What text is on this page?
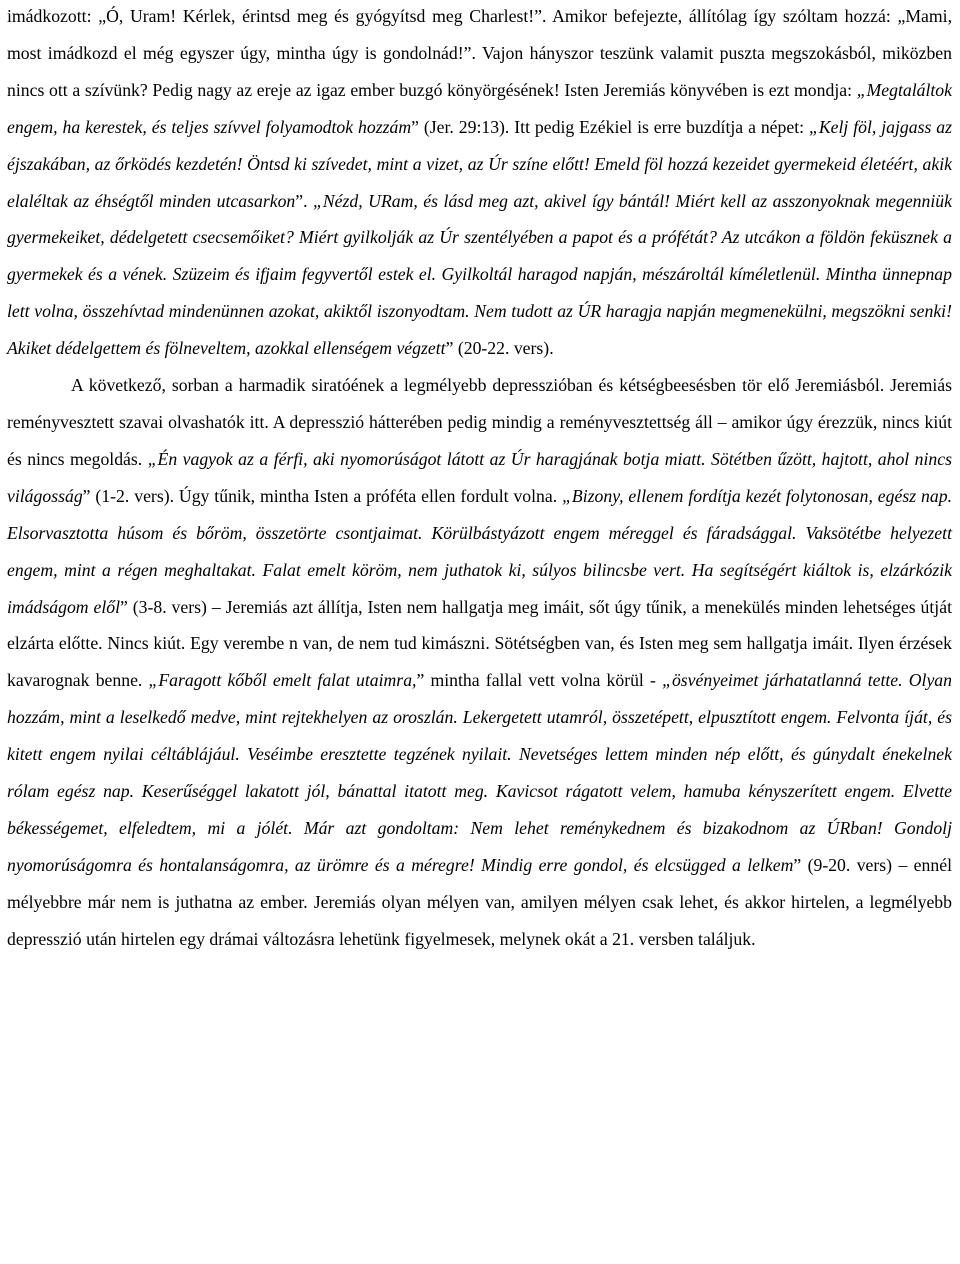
imádkozott: „Ó, Uram! Kérlek, érintsd meg és gyógyítsd meg Charlest!”. Amikor befejezte, állítólag így szóltam hozzá: „Mami, most imádkozd el még egyszer úgy, mintha úgy is gondolnád!”. Vajon hányszor teszünk valamit puszta megszokásból, miközben nincs ott a szívünk? Pedig nagy az ereje az igaz ember buzgó könyörgésének! Isten Jeremiás könyvében is ezt mondja: „Megtaláltok engem, ha kerestek, és teljes szívvel folyamodtok hozzám” (Jer. 29:13). Itt pedig Ezékiel is erre buzdítja a népet: „Kelj föl, jajgass az éjszakában, az őrködés kezdetén! Öntsd ki szívedet, mint a vizet, az Úr színe előtt! Emeld föl hozzá kezeidet gyermekeid életéért, akik elaléltak az éhségtől minden utcasarkon”. „Nézd, URam, és lásd meg azt, akivel így bántál! Miért kell az asszonyoknak megenniük gyermekeiket, dédelgetett csecsemőiket? Miért gyilkolják az Úr szentélyében a papot és a prófétát? Az utcákon a földön feküsznek a gyermekek és a vének. Szüzeim és ifjaim fegyvertől estek el. Gyilkoltál haragod napján, mészároltál kíméletlenül. Mintha ünnepnap lett volna, összehívtad mindenünnen azokat, akiktől iszonyodtam. Nem tudott az ÚR haragja napján megmenekülni, megszökni senki! Akiket dédelgettem és fölneveltem, azokkal ellenségem végzett” (20-22. vers).

A következő, sorban a harmadik siratóének a legmélyebb depresszióban és kétségbeesésben tör elő Jeremiásból. Jeremiás reményvesztett szavai olvashatók itt. A depresszió hátterében pedig mindig a reményvesztettség áll – amikor úgy érezzük, nincs kiút és nincs megoldás. „Én vagyok az a férfi, aki nyomorúságot látott az Úr haragjának botja miatt. Sötétben űzött, hajtott, ahol nincs világosság” (1-2. vers). Úgy tűnik, mintha Isten a próféta ellen fordult volna. „Bizony, ellenem fordítja kezét folytonosan, egész nap. Elsorvasztotta húsom és bőröm, összetörte csontjaimat. Körülbástyázott engem méreggel és fáradsággal. Vaksötétbe helyezett engem, mint a régen meghaltakat. Falat emelt köröm, nem juthatok ki, súlyos bilincsbe vert. Ha segítségért kiáltok is, elzárkózik imádságom elől” (3-8. vers) – Jeremiás azt állítja, Isten nem hallgatja meg imáit, sőt úgy tűnik, a menekülés minden lehetséges útját elzárta előtte. Nincs kiút. Egy verembe n van, de nem tud kimászni. Sötétségben van, és Isten meg sem hallgatja imáit. Ilyen érzések kavarognak benne. „Faragott kőből emelt falat utaimra,” mintha fallal vett volna körül - „ösvényeimet járhatatlanná tette. Olyan hozzám, mint a leselkedő medve, mint rejtekhelyen az oroszlán. Lekergetett utamról, összetépett, elpusztított engem. Felvonta íját, és kitett engem nyilai céltáblájául. Veséimbe eresztette tegzének nyilait. Nevetséges lettem minden nép előtt, és gúnydalt énekelnek rólam egész nap. Keserűséggel lakatott jól, bánattal itatott meg. Kavicsot rágatott velem, hamuba kényszerített engem. Elvette békességemet, elfeledtem, mi a jólét. Már azt gondoltam: Nem lehet reménykednem és bizakodnom az ÚRban! Gondolj nyomorúságomra és hontalanságomra, az ürömre és a méregre! Mindig erre gondol, és elcsügged a lelkem” (9-20. vers) – ennél mélyebbre már nem is juthatna az ember. Jeremiás olyan mélyen van, amilyen mélyen csak lehet, és akkor hirtelen, a legmélyebb depresszió után hirtelen egy drámai változásra lehetünk figyelmesek, melynek okát a 21. versben találjuk.
